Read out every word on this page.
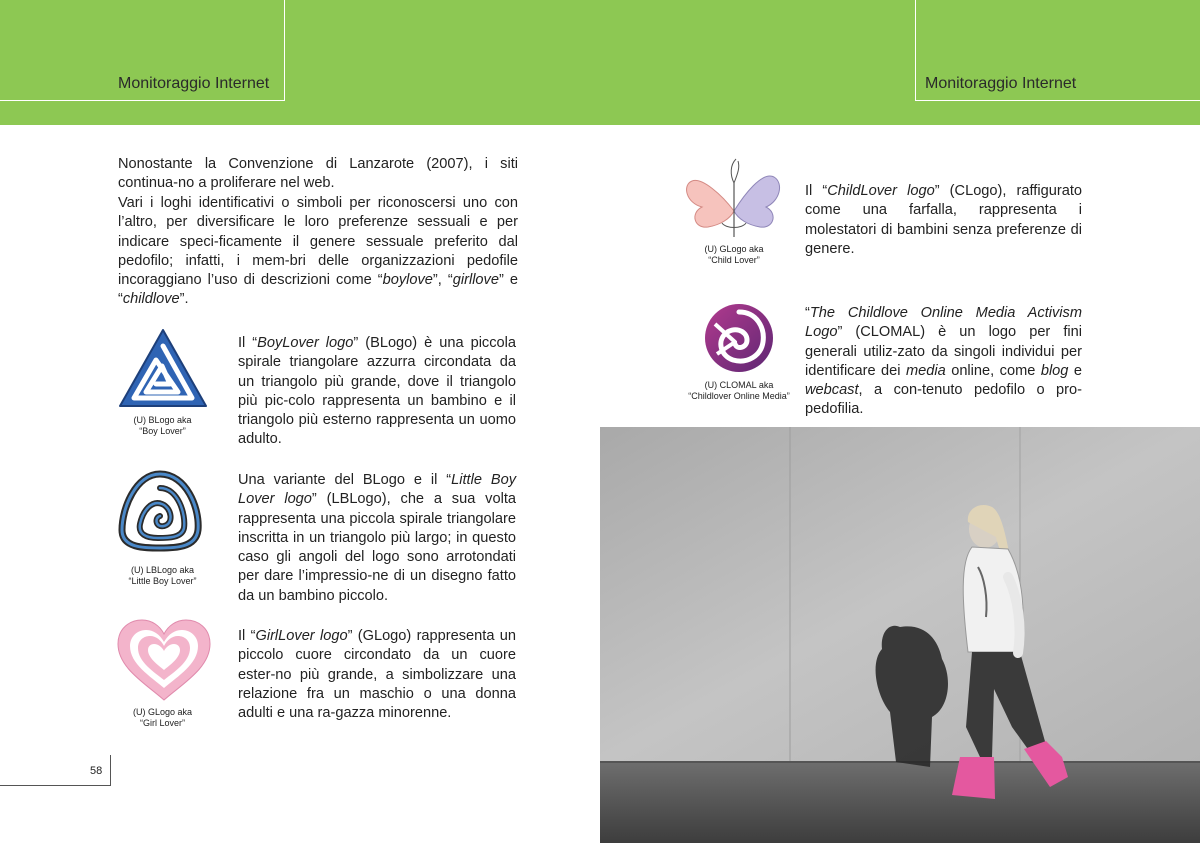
Monitoraggio Internet	Monitoraggio Internet
Nonostante la Convenzione di Lanzarote (2007), i siti continua-no a proliferare nel web.
Vari i loghi identificativi o simboli per riconoscersi uno con l’altro, per diversificare le loro preferenze sessuali e per indicare speci-ficamente il genere sessuale preferito dal pedofilo; infatti, i mem-bri delle organizzazioni pedofile incoraggiano l’uso di descrizioni come “boylove”, “girllove” e “childlove”.
(U) BLogo aka
“Boy Lover”
Il “BoyLover logo” (BLogo) è una piccola spirale triangolare azzurra circondata da un triangolo più grande, dove il triangolo più pic-colo rappresenta un bambino e il triangolo più esterno rappresenta un uomo adulto.
(U) LBLogo aka
“Little Boy Lover”
Una variante del BLogo e il “Little Boy Lover logo” (LBLogo), che a sua volta rappresenta una piccola spirale triangolare inscritta in un triangolo più largo; in questo caso gli angoli del logo sono arrotondati per dare l’impressio-ne di un disegno fatto da un bambino piccolo.
(U) GLogo aka
“Girl Lover”
Il “GirlLover logo” (GLogo) rappresenta un piccolo cuore circondato da un cuore ester-no più grande, a simbolizzare una relazione fra un maschio o una donna adulti e una ra-gazza minorenne.
(U) GLogo aka
“Child Lover”
Il “ChildLover logo” (CLogo), raffigurato come una farfalla, rappresenta i molestatori di bambini senza preferenze di genere.
(U) CLOMAL aka
“Childlover Online Media”
“The Childlove Online Media Activism Logo” (CLOMAL) è un logo per fini generali utiliz-zato da singoli individui per identificare dei media online, come blog e webcast, a con-tenuto pedofilo o pro-pedofilia.
58
